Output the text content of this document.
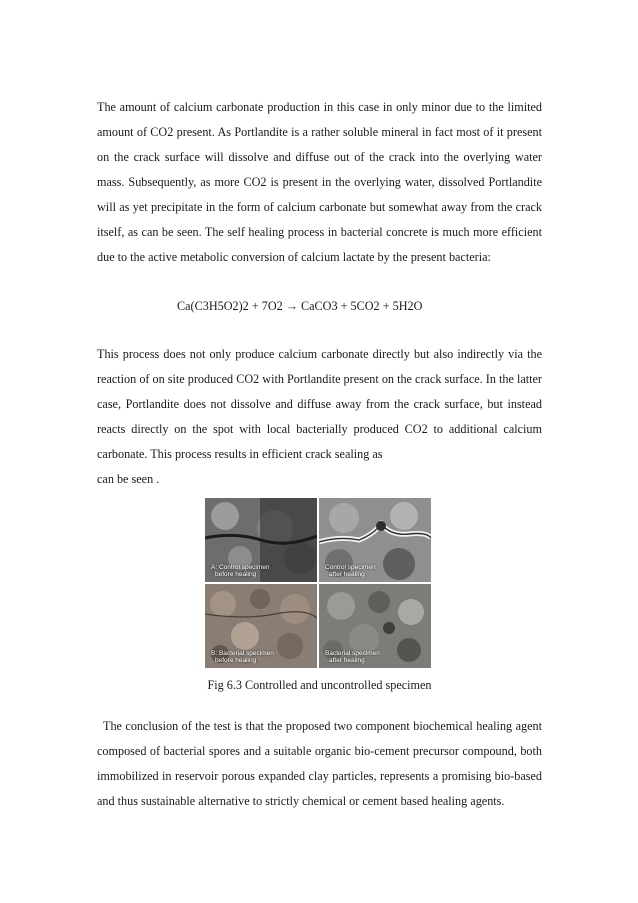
The amount of calcium carbonate production in this case in only minor due to the limited amount of CO2 present. As Portlandite is a rather soluble mineral in fact most of it present on the crack surface will dissolve and diffuse out of the crack into the overlying water mass. Subsequently, as more CO2 is present in the overlying water, dissolved Portlandite will as yet precipitate in the form of calcium carbonate but somewhat away from the crack itself, as can be seen. The self healing process in bacterial concrete is much more efficient due to the active metabolic conversion of calcium lactate by the present bacteria:

Ca(C3H5O2)2 + 7O2 → CaCO3 + 5CO2 + 5H2O

This process does not only produce calcium carbonate directly but also indirectly via the reaction of on site produced CO2 with Portlandite present on the crack surface. In the latter case, Portlandite does not dissolve and diffuse away from the crack surface, but instead reacts directly on the spot with local bacterially produced CO2 to additional calcium carbonate. This process results in efficient crack sealing as
can be seen .
A: Control specimen
before healing
Control specimen
after healing
B: Bacterial specimen
before healing
Bacterial specimen
after healing

Fig 6.3 Controlled and uncontrolled specimen

The conclusion of the test is that the proposed two component biochemical healing agent composed of bacterial spores and a suitable organic bio-cement precursor compound, both immobilized in reservoir porous expanded clay particles, represents a promising bio-based and thus sustainable alternative to strictly chemical or cement based healing agents.
